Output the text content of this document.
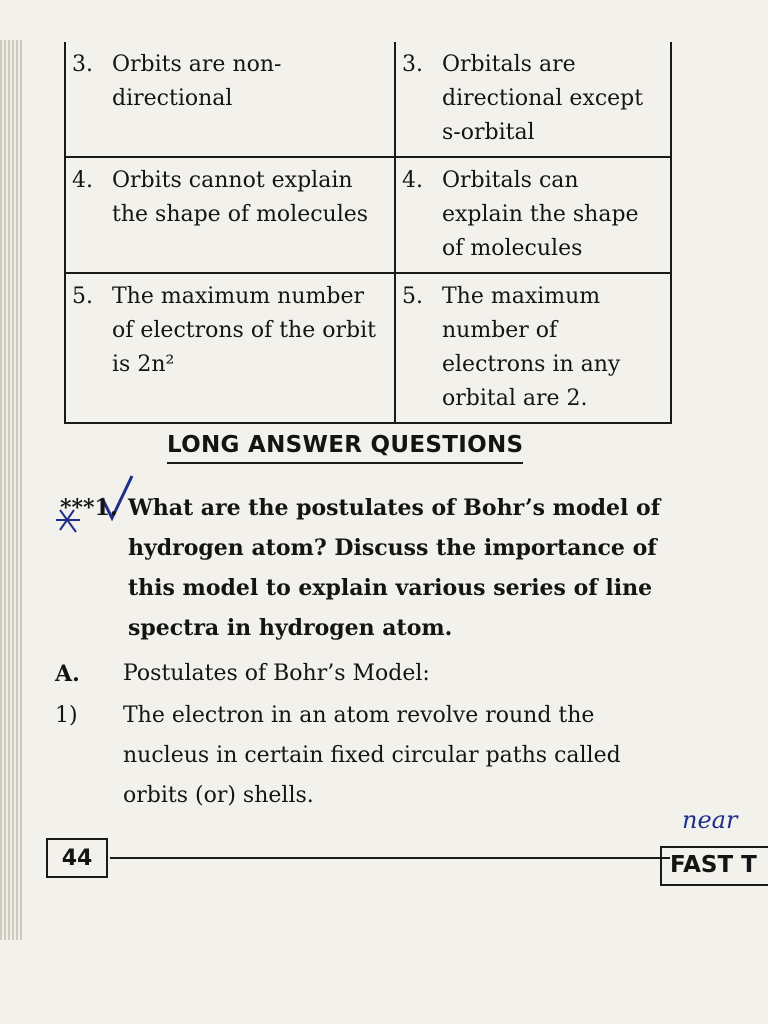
3. Orbits are non-directional	3. Orbitals are directional except s-orbital

4. Orbits cannot explain the shape of molecules	4. Orbitals can explain the shape of molecules

5. The maximum number of electrons of the orbit is 2n²	5. The maximum number of electrons in any orbital are 2.
LONG ANSWER QUESTIONS
***1. What are the postulates of Bohr’s model of
hydrogen atom? Discuss the importance of
this model to explain various series of line
spectra in hydrogen atom.
A.	Postulates of Bohr’s Model:
1)	The electron in an atom revolve round the nucleus in certain fixed circular paths called orbits (or) shells.
near
44	FAST T
